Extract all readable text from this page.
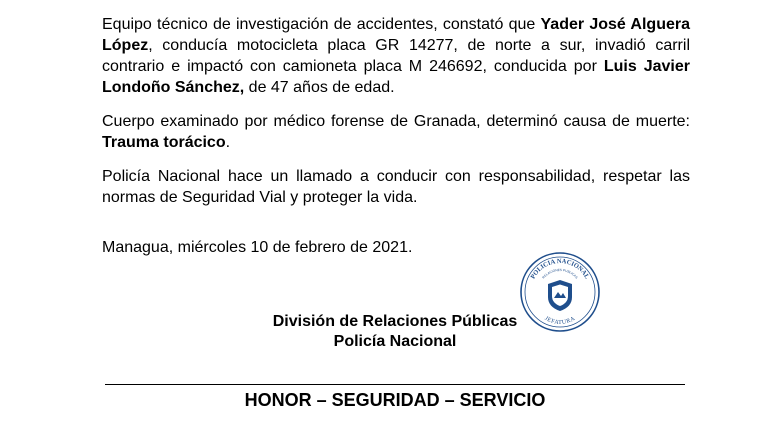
Equipo técnico de investigación de accidentes, constató que Yader José Alguera López, conducía motocicleta placa GR 14277, de norte a sur, invadió carril contrario e impactó con camioneta placa M 246692, conducida por Luis Javier Londoño Sánchez, de 47 años de edad.

Cuerpo examinado por médico forense de Granada, determinó causa de muerte: Trauma torácico.

Policía Nacional hace un llamado a conducir con responsabilidad, respetar las normas de Seguridad Vial y proteger la vida.

Managua, miércoles 10 de febrero de 2021.
División de Relaciones Públicas
Policía Nacional
POLICIA NACIONAL
RELACIONES PUBLICAS
JEFATURA
HONOR – SEGURIDAD – SERVICIO
